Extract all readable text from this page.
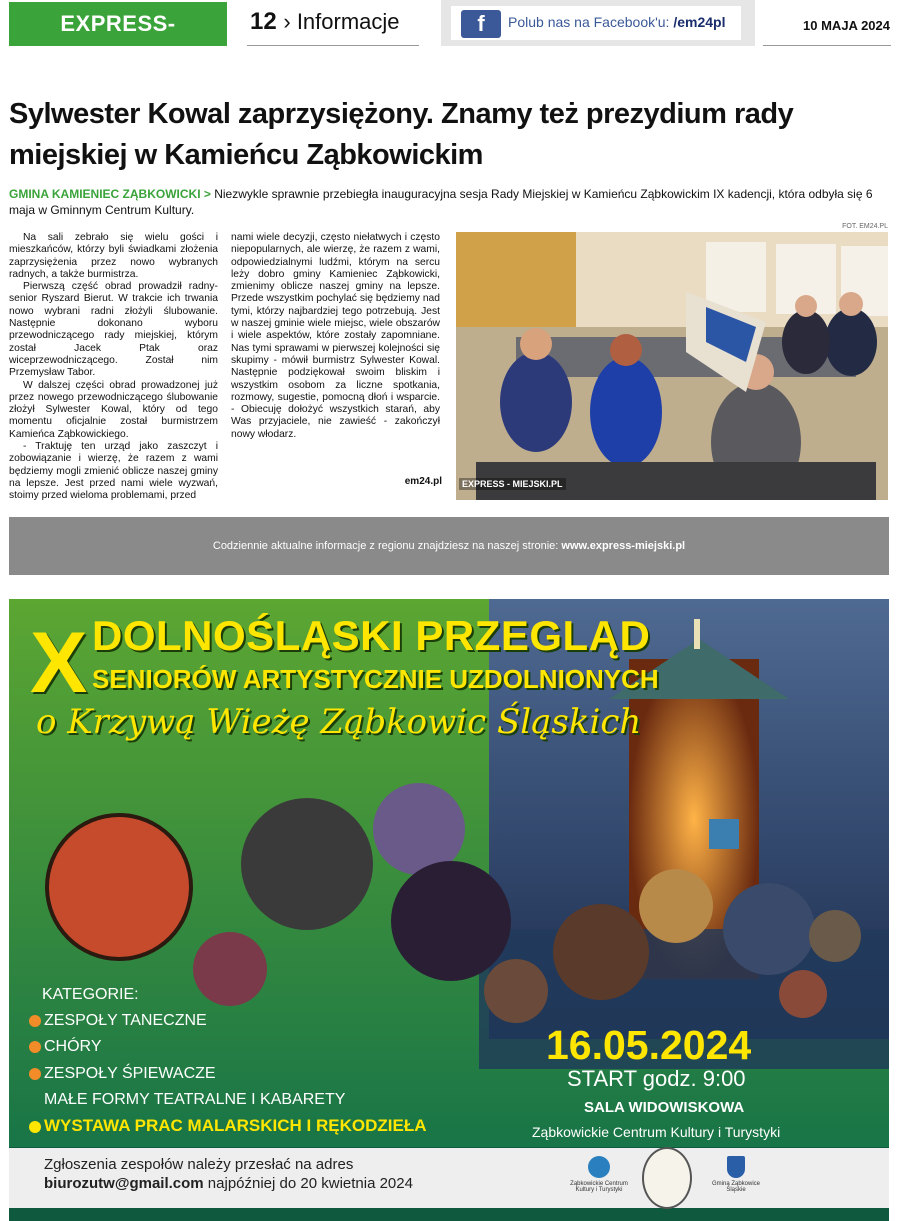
EXPRESS-MIEJSKI.PL
12 › Informacje	f	Polub nas na Facebook'u: /em24pl	10 MAJA 2024
Sylwester Kowal zaprzysiężony. Znamy też prezydium rady miejskiej w Kamieńcu Ząbkowickim
GMINA KAMIENIEC ZĄBKOWICKI > Niezwykle sprawnie przebiegła inauguracyjna sesja Rady Miejskiej w Kamieńcu Ząbkowickim IX kadencji, która odbyła się 6 maja w Gminnym Centrum Kultury.

Na sali zebrało się wielu gości i mieszkańców, którzy byli świadkami złożenia zaprzysiężenia przez nowo wybranych radnych, a także burmistrza.

Pierwszą część obrad prowadził radny-senior Ryszard Bierut. W trakcie ich trwania nowo wybrani radni złożyli ślubowanie. Następnie dokonano wyboru przewodniczącego rady miejskiej, którym został Jacek Ptak oraz wiceprzewodniczącego. Został nim Przemysław Tabor.

W dalszej części obrad prowadzonej już przez nowego przewodniczącego ślubowanie złożył Sylwester Kowal, który od tego momentu oficjalnie został burmistrzem Kamieńca Ząbkowickiego.

- Traktuję ten urząd jako zaszczyt i zobowiązanie i wierzę, że razem z wami będziemy mogli zmienić oblicze naszej gminy na lepsze. Jest przed nami wiele wyzwań, stoimy przed wieloma problemami, przed

nami wiele decyzji, często niełatwych i często niepopularnych, ale wierzę, że razem z wami, odpowiedzialnymi ludźmi, którym na sercu leży dobro gminy Kamieniec Ząbkowicki, zmienimy oblicze naszej gminy na lepsze. Przede wszystkim pochylać się będziemy nad tymi, którzy najbardziej tego potrzebują. Jest w naszej gminie wiele miejsc, wiele obszarów i wiele aspektów, które zostały zapomniane. Nas tymi sprawami w pierwszej kolejności się skupimy - mówił burmistrz Sylwester Kowal. Następnie podziękował swoim bliskim i wszystkim osobom za liczne spotkania, rozmowy, sugestie, pomocną dłoń i wsparcie. - Obiecuję dołożyć wszystkich starań, aby Was przyjaciele, nie zawieść - zakończył nowy włodarz.

em24.pl
FOT. EM24.PL
EXPRESS - MIEJSKI.PL
Codziennie aktualne informacje z regionu znajdziesz na naszej stronie: www.express-miejski.pl
X DOLNOŚLĄSKI PRZEGLĄD
SENIORÓW ARTYSTYCZNIE UZDOLNIONYCH
o Krzywą Wieżę Ząbkowic Śląskich
KATEGORIE:
ZESPOŁY TANECZNE
CHÓRY
ZESPOŁY ŚPIEWACZE
MAŁE FORMY TEATRALNE I KABARETY
WYSTAWA PRAC MALARSKICH I RĘKODZIEŁA
16.05.2024
START godz. 9:00
SALA WIDOWISKOWA
Ząbkowickie Centrum Kultury i Turystyki
Zgłoszenia zespołów należy przesłać na adres
biurozutw@gmail.com najpóźniej do 20 kwietnia 2024	Ząbkowickie Centrum Kultury i Turystyki
Gmina Ząbkowice Śląskie
